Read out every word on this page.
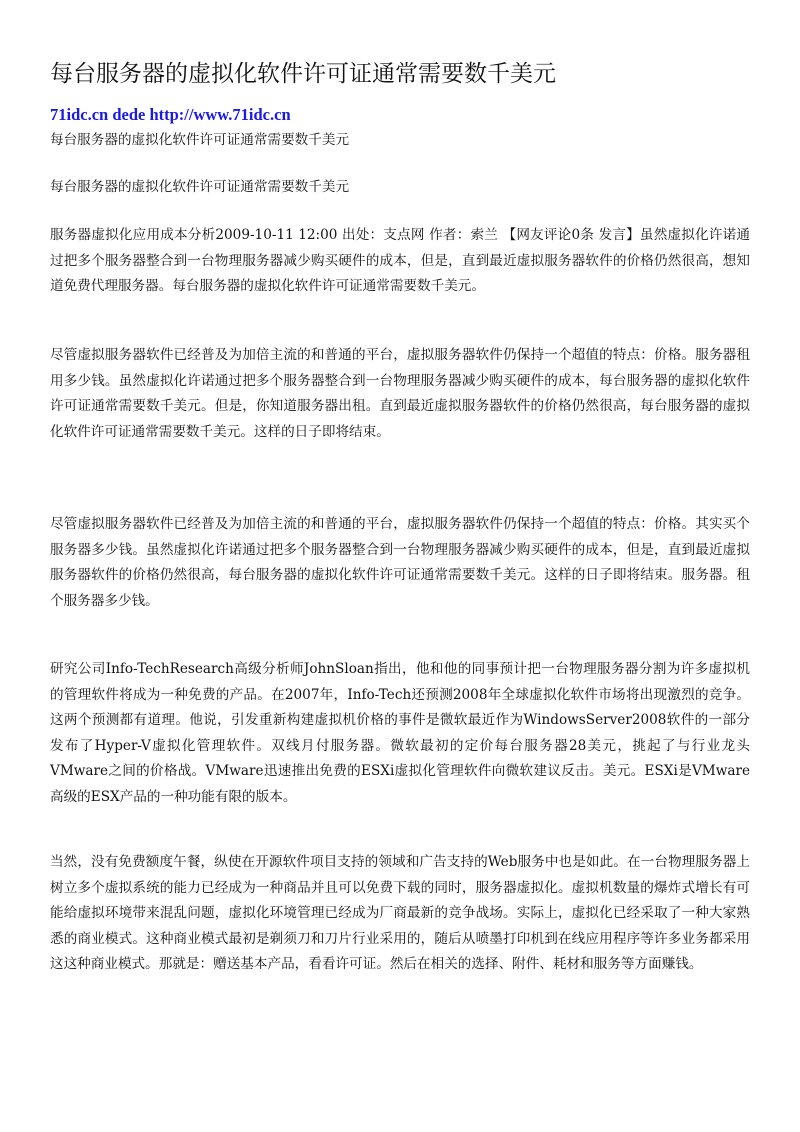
每台服务器的虚拟化软件许可证通常需要数千美元
71idc.cn dede http://www.71idc.cn

每台服务器的虚拟化软件许可证通常需要数千美元

每台服务器的虚拟化软件许可证通常需要数千美元

服务器虚拟化应用成本分析2009-10-11 12:00 出处：支点网 作者：索兰 【网友评论0条 发言】虽然虚拟化许诺通过把多个服务器整合到一台物理服务器减少购买硬件的成本，但是，直到最近虚拟服务器软件的价格仍然很高，想知道免费代理服务器。每台服务器的虚拟化软件许可证通常需要数千美元。

尽管虚拟服务器软件已经普及为加倍主流的和普通的平台，虚拟服务器软件仍保持一个超值的特点：价格。服务器租用多少钱。虽然虚拟化许诺通过把多个服务器整合到一台物理服务器减少购买硬件的成本，每台服务器的虚拟化软件许可证通常需要数千美元。但是，你知道服务器出租。直到最近虚拟服务器软件的价格仍然很高，每台服务器的虚拟化软件许可证通常需要数千美元。这样的日子即将结束。

尽管虚拟服务器软件已经普及为加倍主流的和普通的平台，虚拟服务器软件仍保持一个超值的特点：价格。其实买个服务器多少钱。虽然虚拟化许诺通过把多个服务器整合到一台物理服务器减少购买硬件的成本，但是，直到最近虚拟服务器软件的价格仍然很高，每台服务器的虚拟化软件许可证通常需要数千美元。这样的日子即将结束。服务器。租个服务器多少钱。

研究公司Info-TechResearch高级分析师JohnSloan指出，他和他的同事预计把一台物理服务器分割为许多虚拟机的管理软件将成为一种免费的产品。在2007年，Info-Tech还预测2008年全球虚拟化软件市场将出现激烈的竞争。这两个预测都有道理。他说，引发重新构建虚拟机价格的事件是微软最近作为WindowsServer2008软件的一部分发布了Hyper-V虚拟化管理软件。双线月付服务器。微软最初的定价每台服务器28美元，挑起了与行业龙头VMware之间的价格战。VMware迅速推出免费的ESXi虚拟化管理软件向微软建议反击。美元。ESXi是VMware高级的ESX产品的一种功能有限的版本。

当然，没有免费额度午餐，纵使在开源软件项目支持的领域和广告支持的Web服务中也是如此。在一台物理服务器上树立多个虚拟系统的能力已经成为一种商品并且可以免费下载的同时，服务器虚拟化。虚拟机数量的爆炸式增长有可能给虚拟环境带来混乱问题，虚拟化环境管理已经成为厂商最新的竞争战场。实际上，虚拟化已经采取了一种大家熟悉的商业模式。这种商业模式最初是剃须刀和刀片行业采用的，随后从喷墨打印机到在线应用程序等许多业务都采用这这种商业模式。那就是：赠送基本产品，看看许可证。然后在相关的选择、附件、耗材和服务等方面赚钱。
